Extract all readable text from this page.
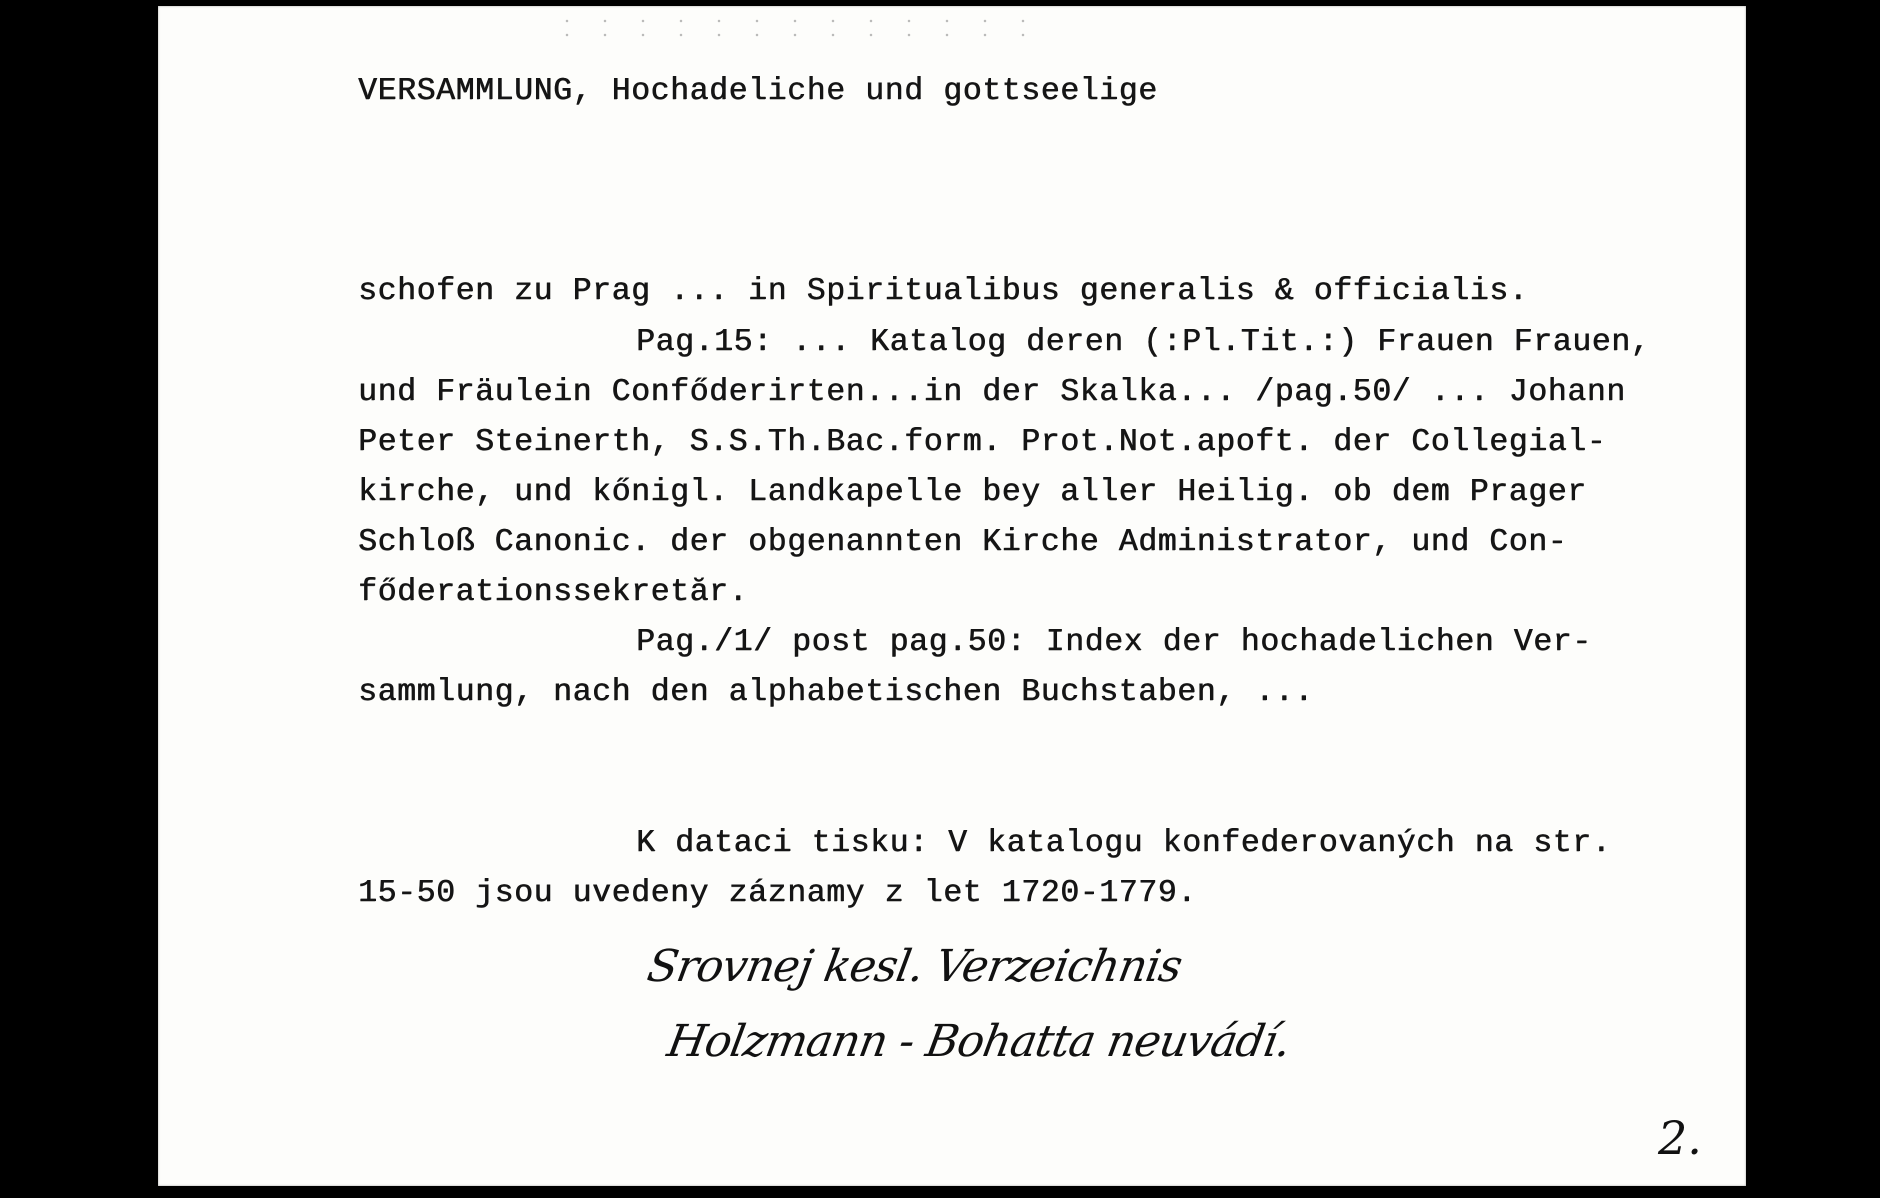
VERSAMMLUNG, Hochadeliche und gottseelige
schofen zu Prag ... in Spiritualibus generalis & officialis.
Pag.15: ... Katalog deren (:Pl.Tit.:) Frauen Frauen,
und Fräulein Confőderirten...in der Skalka... /pag.50/ ... Johann
Peter Steinerth, S.S.Th.Bac.form. Prot.Not.apoft. der Collegial-
kirche, und kőnigl. Landkapelle bey aller Heilig. ob dem Prager
Schloß Canonic. der obgenannten Kirche Administrator, und Con-
főderationssekretăr.
Pag./1/ post pag.50: Index der hochadelichen Ver-
sammlung, nach den alphabetischen Buchstaben, ...
K dataci tisku: V katalogu konfederovaných na str.
15-50 jsou uvedeny záznamy z let 1720-1779.
Srovnej kesl. Verzeichnis
Holzmann - Bohatta neuvádí.
2.
